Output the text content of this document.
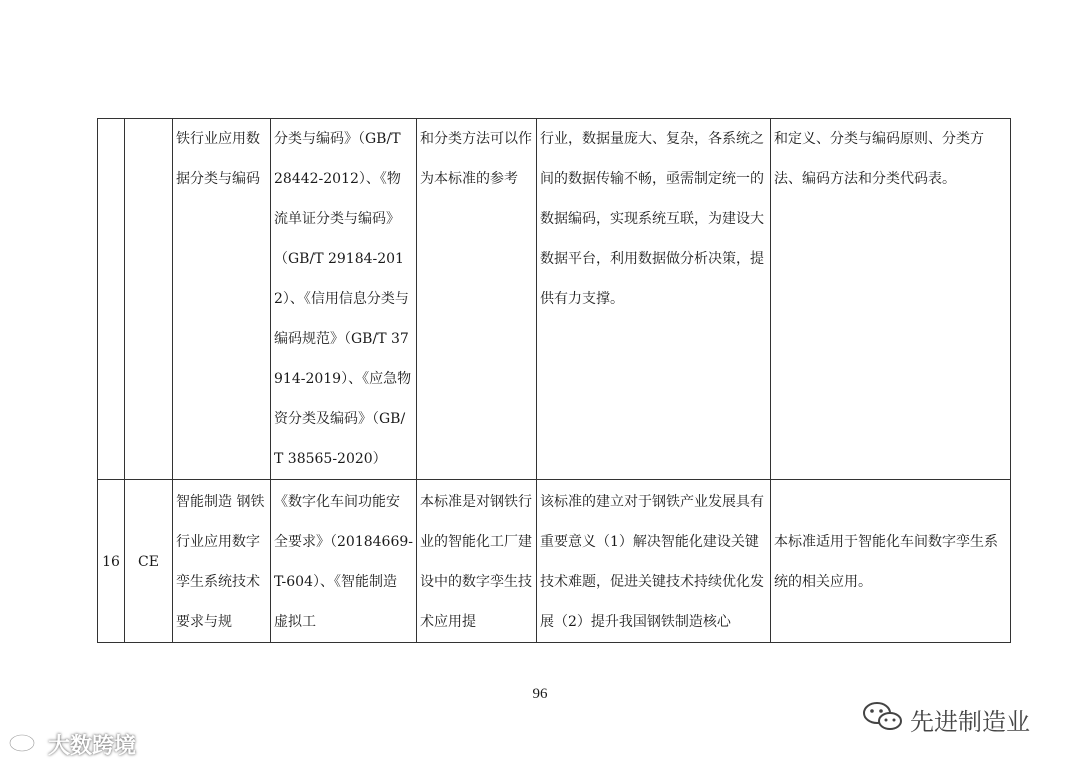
		铁行业应用数据分类与编码	分类与编码》（GB/T 28442-2012）、《物流单证分类与编码》（GB/T 29184-2012）、《信用信息分类与编码规范》（GB/T 37914-2019）、《应急物资分类及编码》（GB/T 38565-2020）	和分类方法可以作为本标准的参考	行业，数据量庞大、复杂，各系统之间的数据传输不畅，亟需制定统一的数据编码，实现系统互联，为建设大数据平台，利用数据做分析决策，提供有力支撑。	和定义、分类与编码原则、分类方法、编码方法和分类代码表。

16	CE	智能制造 钢铁行业应用数字孪生系统技术要求与规	《数字化车间功能安全要求》（20184669-T-604）、《智能制造 虚拟工	本标准是对钢铁行业的智能化工厂建设中的数字孪生技术应用提	该标准的建立对于钢铁产业发展具有重要意义（1）解决智能化建设关键技术难题，促进关键技术持续优化发展（2）提升我国钢铁制造核心	本标准适用于智能化车间数字孪生系统的相关应用。
96
大数跨境
先进制造业
